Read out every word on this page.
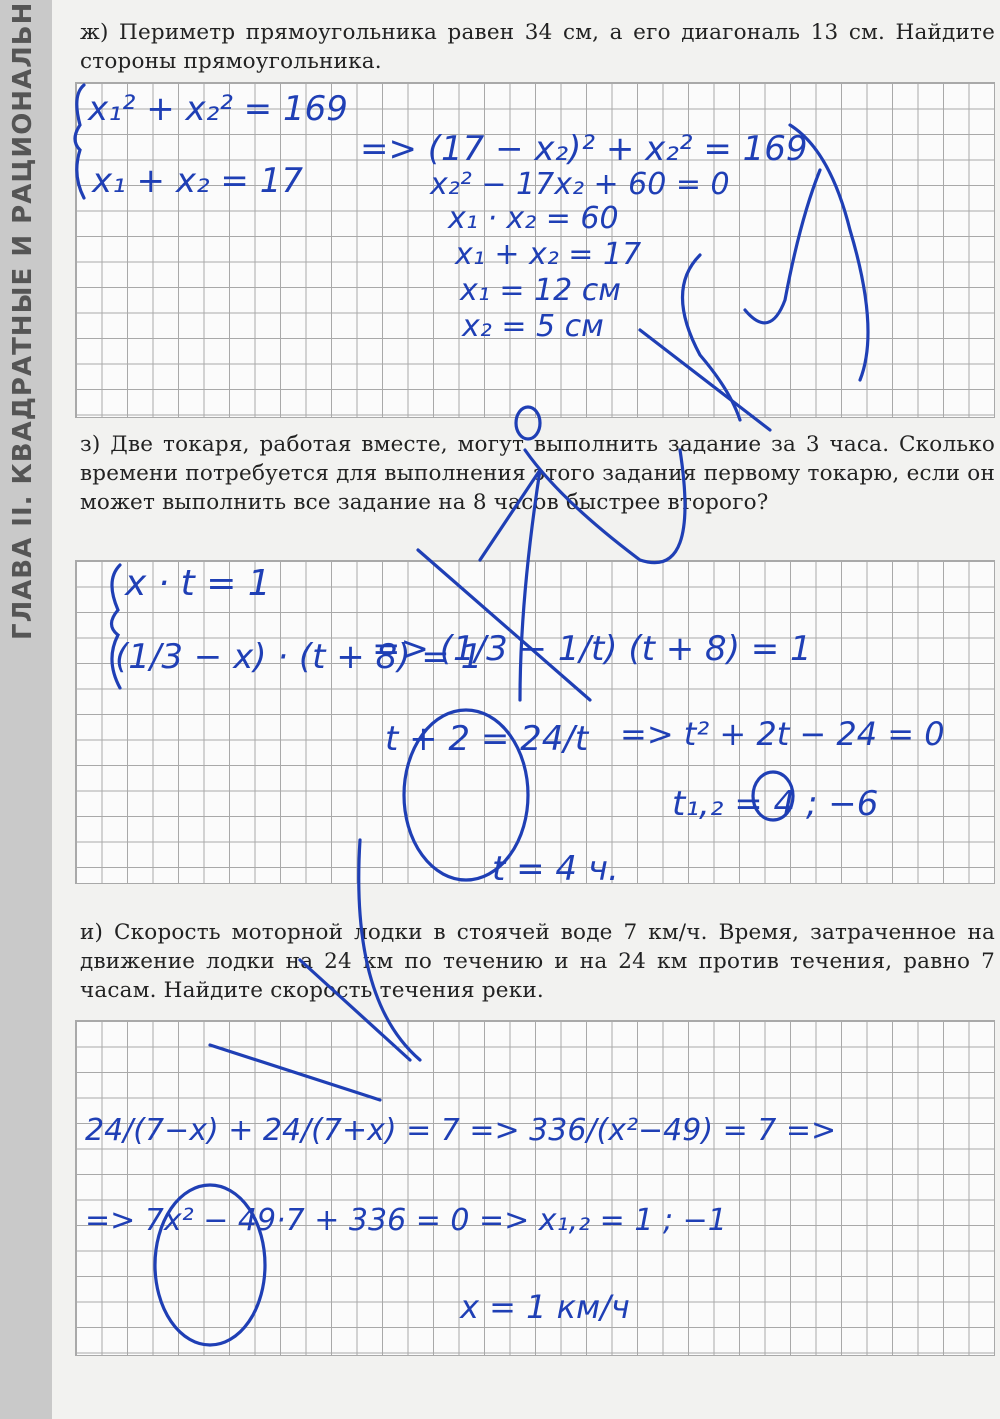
ж) Периметр прямоугольника равен 34 см, а его диагональ 13 см. Найдите стороны прямоугольника.
з) Две токаря, работая вместе, могут выполнить задание за 3 часа. Сколько времени потребуется для выполнения этого задания первому токарю, если он может выполнить все задание на 8 часов быстрее второго?
и) Скорость моторной лодки в стоячей воде 7 км/ч. Время, затраченное на движение лодки на 24 км по течению и на 24 км против течения, равно 7 часам. Найдите скорость течения реки.
x₁² + x₂² = 169
x₁ + x₂ = 17
=> (17 − x₂)² + x₂² = 169
x₂² − 17x₂ + 60 = 0
x₁ · x₂ = 60
x₁ + x₂ = 17
x₁ = 12 см
x₂ = 5 см
x · t = 1
(1/3 − x) · (t + 8) = 1
=> (1/3 − 1/t) (t + 8) = 1
t + 2 = 24/t => t² + 2t − 24 = 0
t₁,₂ = 4 ; −6
t = 4 ч.
24/(7−x) + 24/(7+x) = 7 => 336/(x²−49) = 7 =>
=> 7x² − 49·7 + 336 = 0 => x₁,₂ = 1 ; −1
x = 1 км/ч
